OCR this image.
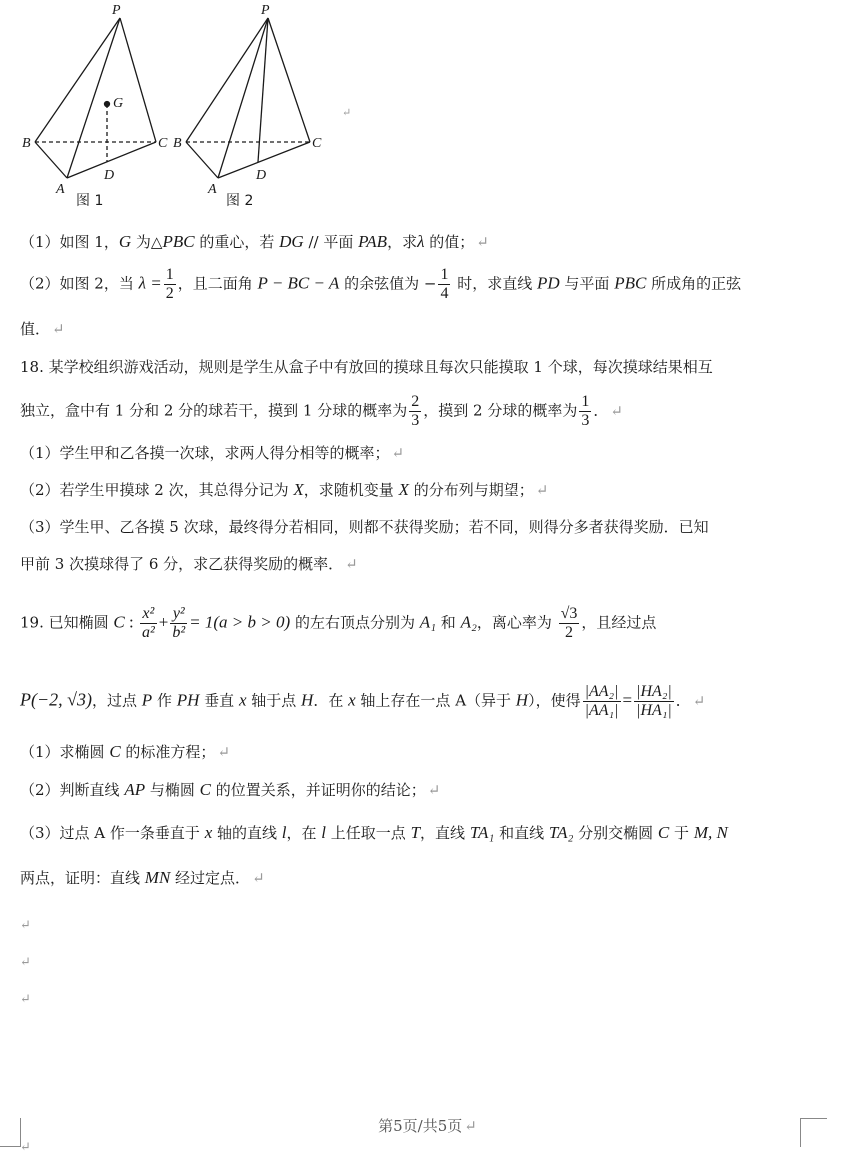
P
G
B	C
A
D
图 1
P
B	C
A
D
图 2
↵
（1）如图 1，G 为△PBC 的重心，若 DG // 平面 PAB，求λ 的值； ↵
（2）如图 2，当 $\lambda = \frac{1}{2}$ ，且二面角 P − BC − A 的余弦值为 − $\frac{1}{4}$ 时，求直线 PD 与平面 PBC 所成角的正弦
值． ↵
18. 某学校组织游戏活动，规则是学生从盒子中有放回的摸球且每次只能摸取 1 个球，每次摸球结果相互
独立，盒中有 1 分和 2 分的球若干，摸到 1 分球的概率为 $\frac{2}{3}$ ，摸到 2 分球的概率为 $\frac{1}{3}$ ． ↵
（1）学生甲和乙各摸一次球，求两人得分相等的概率； ↵
（2）若学生甲摸球 2 次，其总得分记为 X，求随机变量 X 的分布列与期望； ↵
（3）学生甲、乙各摸 5 次球，最终得分若相同，则都不获得奖励；若不同，则得分多者获得奖励．已知
甲前 3 次摸球得了 6 分，求乙获得奖励的概率． ↵
19. 已知椭圆 C : $\frac{\text{x²}}{\text{a²}} + \frac{\text{y²}}{\text{b²}} = 1(a > b > 0)$ 的左右顶点分别为 A₁ 和 A₂，离心率为 $\frac{√3}{2}$ ，且经过点
P(−2, √3)，过点 P 作 PH 垂直 x 轴于点 H．在 x 轴上存在一点 A（异于 H），使得 $\frac{\text{|AA₂|}}{\text{|AA₁|}} = \frac{\text{|HA₂|}}{\text{|HA₁|}}$ ． ↵
（1）求椭圆 C 的标准方程； ↵
（2）判断直线 AP 与椭圆 C 的位置关系，并证明你的结论； ↵
（3）过点 A 作一条垂直于 x 轴的直线 l，在 l 上任取一点 T，直线 TA₁ 和直线 TA₂ 分别交椭圆 C 于 M, N
两点，证明：直线 MN 经过定点． ↵
↵
↵
↵
↵
第5页/共5页 ↵
